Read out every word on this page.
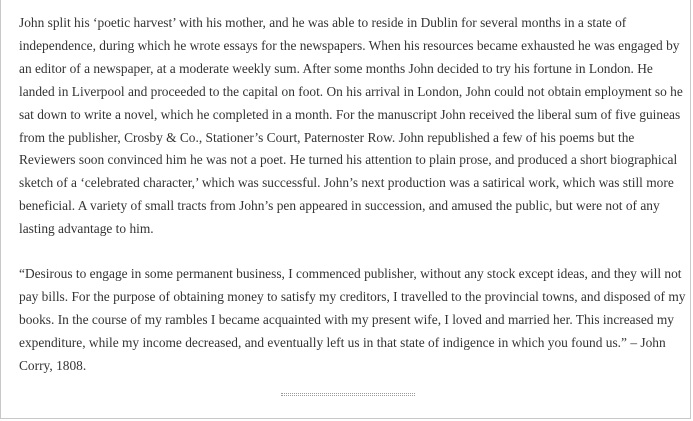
John split his ‘poetic harvest’ with his mother, and he was able to reside in Dublin for several months in a state of independence, during which he wrote essays for the newspapers. When his resources became exhausted he was engaged by an editor of a newspaper, at a moderate weekly sum. After some months John decided to try his fortune in London. He landed in Liverpool and proceeded to the capital on foot. On his arrival in London, John could not obtain employment so he sat down to write a novel, which he completed in a month. For the manuscript John received the liberal sum of five guineas from the publisher, Crosby & Co., Stationer’s Court, Paternoster Row. John republished a few of his poems but the Reviewers soon convinced him he was not a poet. He turned his attention to plain prose, and produced a short biographical sketch of a ‘celebrated character,’ which was successful. John’s next production was a satirical work, which was still more beneficial. A variety of small tracts from John’s pen appeared in succession, and amused the public, but were not of any lasting advantage to him.

“Desirous to engage in some permanent business, I commenced publisher, without any stock except ideas, and they will not pay bills. For the purpose of obtaining money to satisfy my creditors, I travelled to the provincial towns, and disposed of my books. In the course of my rambles I became acquainted with my present wife, I loved and married her. This increased my expenditure, while my income decreased, and eventually left us in that state of indigence in which you found us.” – John Corry, 1808.
